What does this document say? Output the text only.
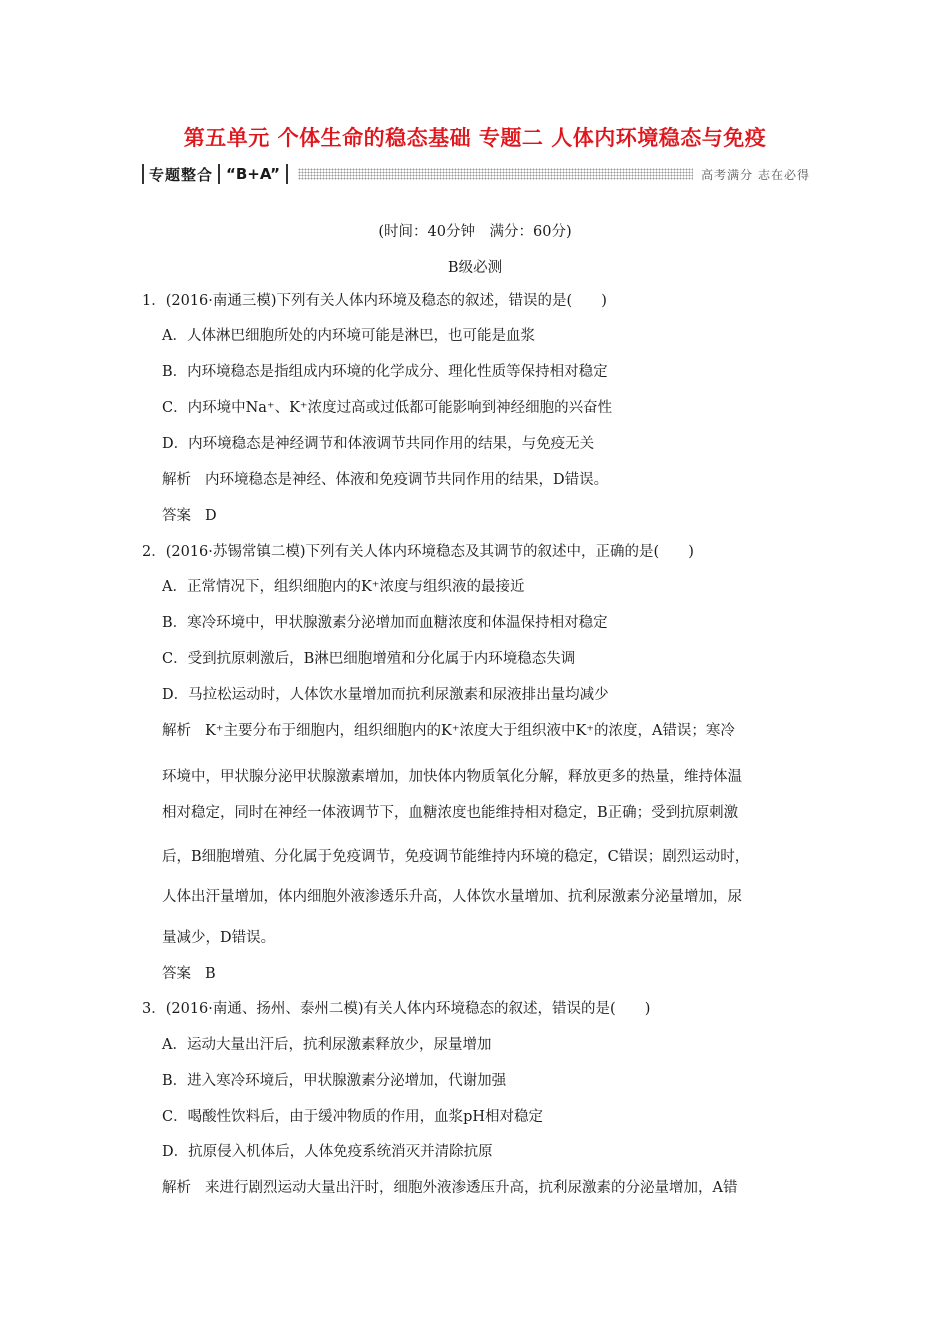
第五单元 个体生命的稳态基础 专题二 人体内环境稳态与免疫
专题整合 “B+A”	高考满分 志在必得
(时间：40分钟　满分：60分)
B级必测
1．(2016·南通三模)下列有关人体内环境及稳态的叙述，错误的是(　　)
A．人体淋巴细胞所处的内环境可能是淋巴，也可能是血浆
B．内环境稳态是指组成内环境的化学成分、理化性质等保持相对稳定
C．内环境中Na⁺、K⁺浓度过高或过低都可能影响到神经细胞的兴奋性
D．内环境稳态是神经调节和体液调节共同作用的结果，与免疫无关
解析 内环境稳态是神经、体液和免疫调节共同作用的结果，D错误。
答案 D
2．(2016·苏锡常镇二模)下列有关人体内环境稳态及其调节的叙述中，正确的是(　　)
A．正常情况下，组织细胞内的K⁺浓度与组织液的最接近
B．寒冷环境中，甲状腺激素分泌增加而血糖浓度和体温保持相对稳定
C．受到抗原刺激后，B淋巴细胞增殖和分化属于内环境稳态失调
D．马拉松运动时，人体饮水量增加而抗利尿激素和尿液排出量均减少
解析 K⁺主要分布于细胞内，组织细胞内的K⁺浓度大于组织液中K⁺的浓度，A错误；寒冷
环境中，甲状腺分泌甲状腺激素增加，加快体内物质氧化分解，释放更多的热量，维持体温
相对稳定，同时在神经一体液调节下，血糖浓度也能维持相对稳定，B正确；受到抗原刺激
后，B细胞增殖、分化属于免疫调节，免疫调节能维持内环境的稳定，C错误；剧烈运动时，
人体出汗量增加，体内细胞外液渗透乐升高，人体饮水量增加、抗利尿激素分泌量增加，尿
量减少，D错误。
答案 B
3．(2016·南通、扬州、泰州二模)有关人体内环境稳态的叙述，错误的是(　　)
A．运动大量出汗后，抗利尿激素释放少，尿量增加
B．进入寒冷环境后，甲状腺激素分泌增加，代谢加强
C．喝酸性饮料后，由于缓冲物质的作用，血浆pH相对稳定
D．抗原侵入机体后，人体免疫系统消灭并清除抗原
解析 来进行剧烈运动大量出汗时，细胞外液渗透压升高，抗利尿激素的分泌量增加，A错
